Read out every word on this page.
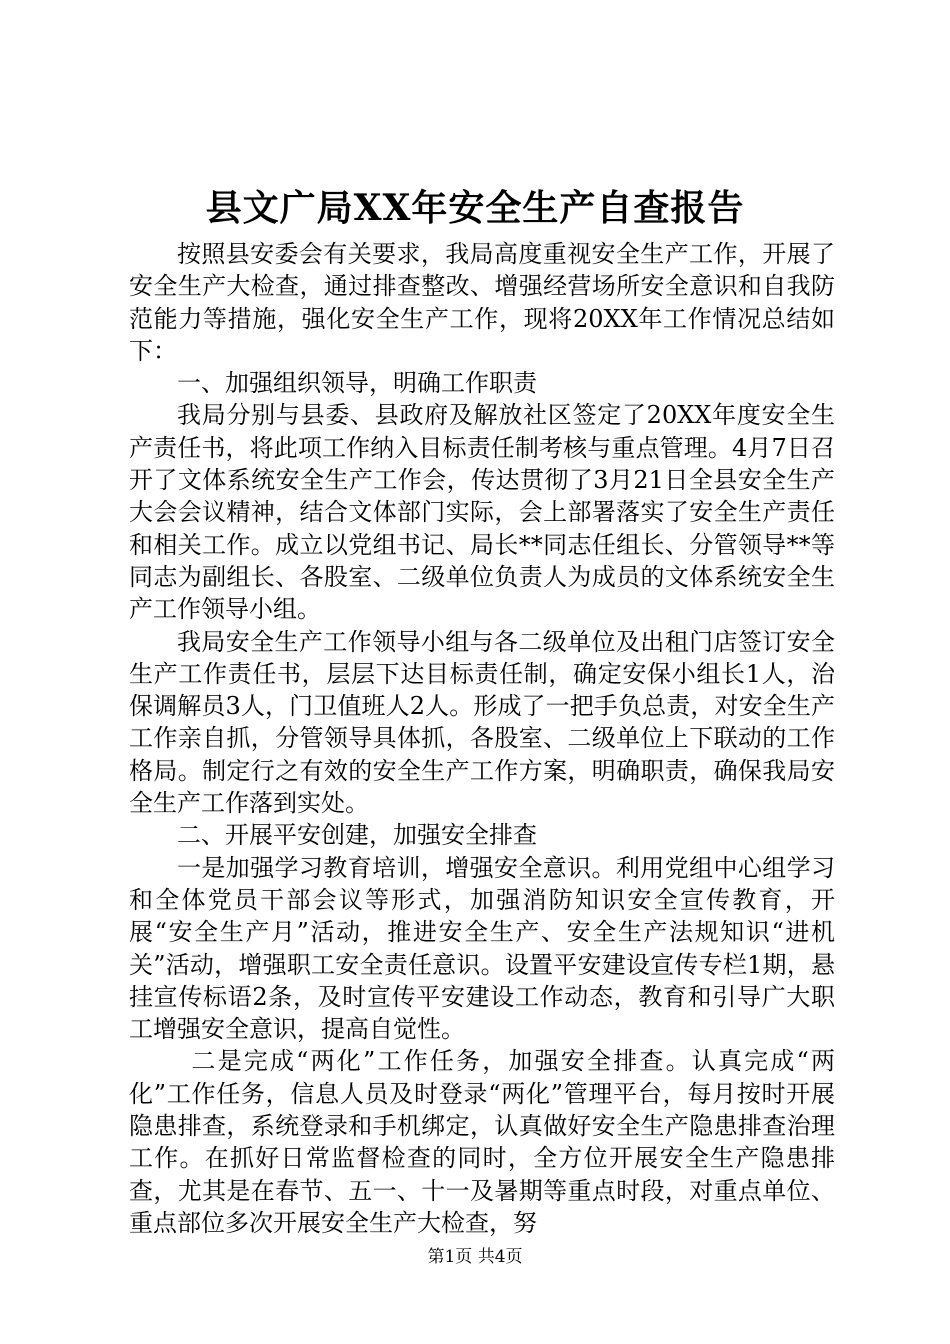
县文广局XX年安全生产自查报告

按照县安委会有关要求，我局高度重视安全生产工作，开展了安全生产大检查，通过排查整改、增强经营场所安全意识和自我防范能力等措施，强化安全生产工作，现将20XX年工作情况总结如下：

一、加强组织领导，明确工作职责

我局分别与县委、县政府及解放社区签定了20XX年度安全生产责任书，将此项工作纳入目标责任制考核与重点管理。4月7日召开了文体系统安全生产工作会，传达贯彻了3月21日全县安全生产大会会议精神，结合文体部门实际，会上部署落实了安全生产责任和相关工作。成立以党组书记、局长**同志任组长、分管领导**等同志为副组长、各股室、二级单位负责人为成员的文体系统安全生产工作领导小组。

我局安全生产工作领导小组与各二级单位及出租门店签订安全生产工作责任书，层层下达目标责任制，确定安保小组长1人，治保调解员3人，门卫值班人2人。形成了一把手负总责，对安全生产工作亲自抓，分管领导具体抓，各股室、二级单位上下联动的工作格局。制定行之有效的安全生产工作方案，明确职责，确保我局安全生产工作落到实处。

二、开展平安创建，加强安全排查

一是加强学习教育培训，增强安全意识。利用党组中心组学习和全体党员干部会议等形式，加强消防知识安全宣传教育，开展“安全生产月”活动，推进安全生产、安全生产法规知识“进机关”活动，增强职工安全责任意识。设置平安建设宣传专栏1期，悬挂宣传标语2条，及时宣传平安建设工作动态，教育和引导广大职工增强安全意识，提高自觉性。

二是完成“两化”工作任务，加强安全排查。认真完成“两化”工作任务，信息人员及时登录“两化”管理平台，每月按时开展隐患排查，系统登录和手机绑定，认真做好安全生产隐患排查治理工作。在抓好日常监督检查的同时，全方位开展安全生产隐患排查，尤其是在春节、五一、十一及暑期等重点时段，对重点单位、重点部位多次开展安全生产大检查，努

第1页 共4页
